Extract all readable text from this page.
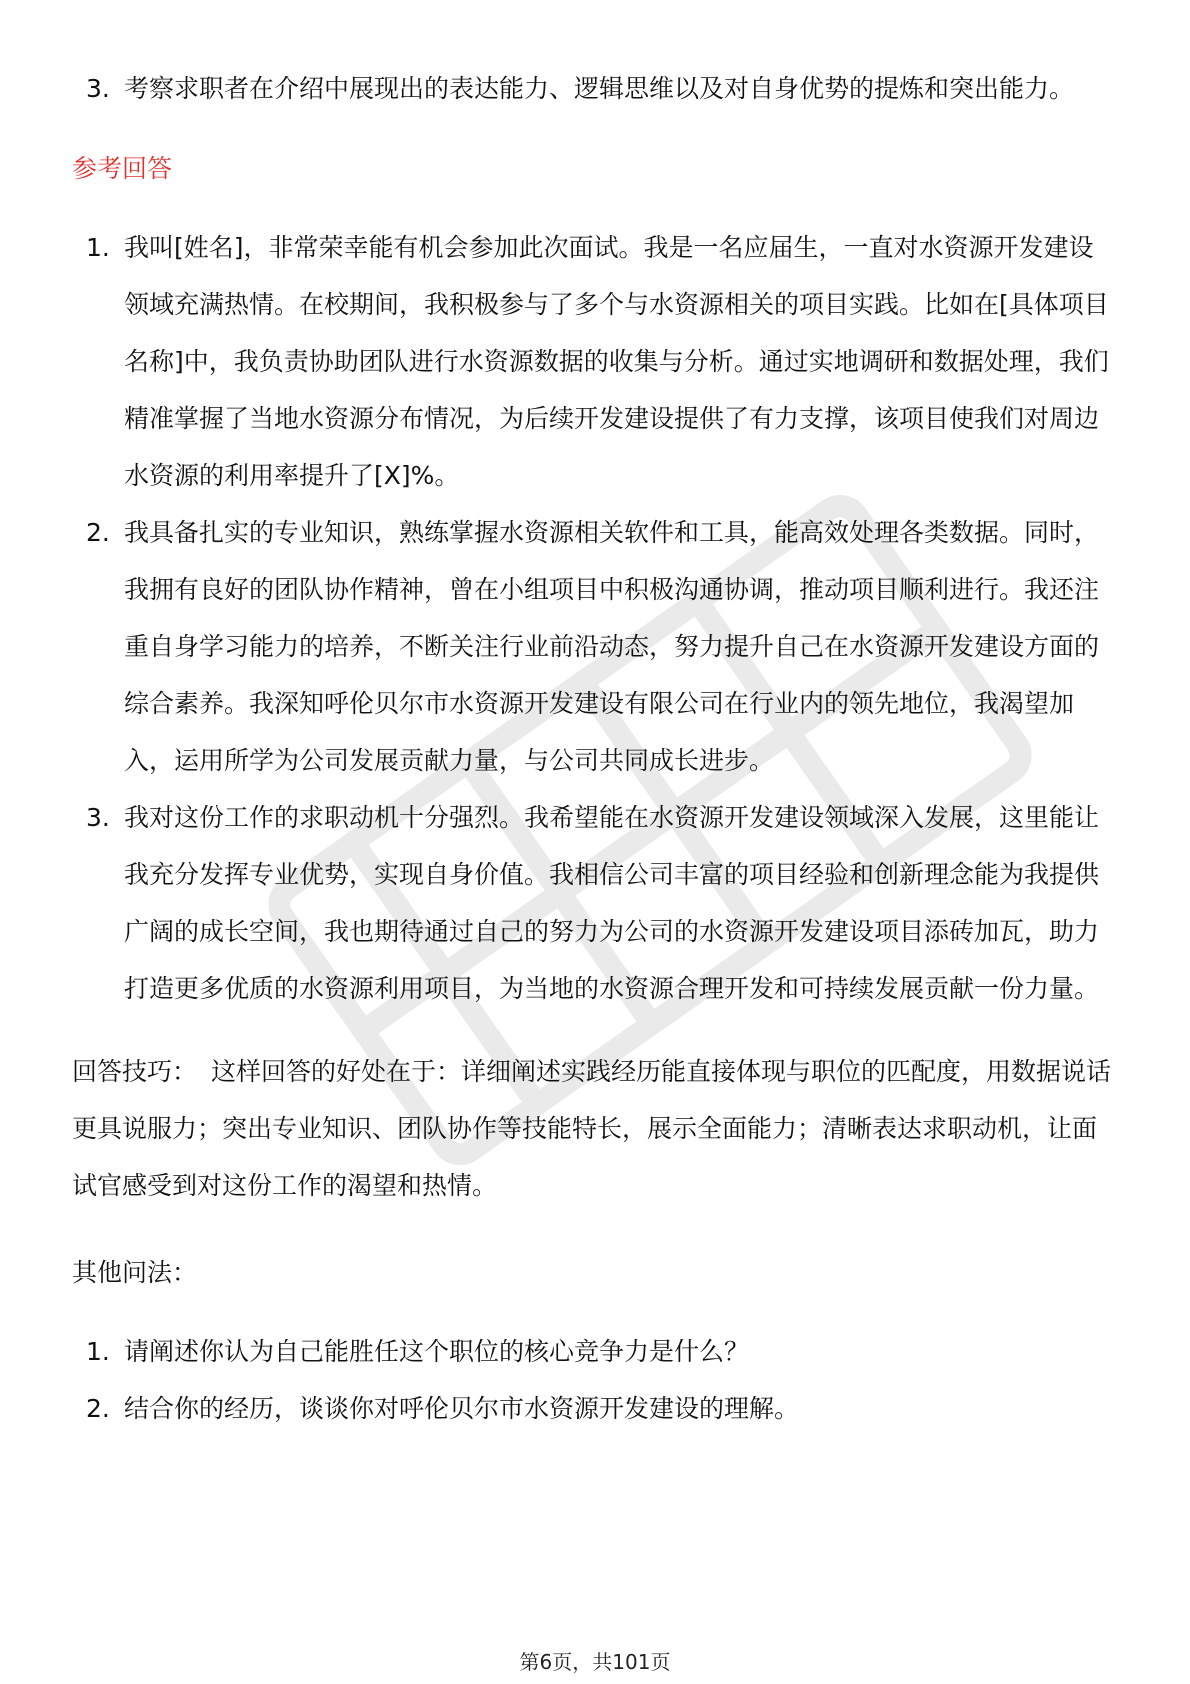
3. 考察求职者在介绍中展现出的表达能力、逻辑思维以及对自身优势的提炼和突出能力。
参考回答
1. 我叫[姓名]，非常荣幸能有机会参加此次面试。我是一名应届生，一直对水资源开发建设领域充满热情。在校期间，我积极参与了多个与水资源相关的项目实践。比如在[具体项目名称]中，我负责协助团队进行水资源数据的收集与分析。通过实地调研和数据处理，我们精准掌握了当地水资源分布情况，为后续开发建设提供了有力支撑，该项目使我们对周边水资源的利用率提升了[X]%。
2. 我具备扎实的专业知识，熟练掌握水资源相关软件和工具，能高效处理各类数据。同时，我拥有良好的团队协作精神，曾在小组项目中积极沟通协调，推动项目顺利进行。我还注重自身学习能力的培养，不断关注行业前沿动态，努力提升自己在水资源开发建设方面的综合素养。我深知呼伦贝尔市水资源开发建设有限公司在行业内的领先地位，我渴望加入，运用所学为公司发展贡献力量，与公司共同成长进步。
3. 我对这份工作的求职动机十分强烈。我希望能在水资源开发建设领域深入发展，这里能让我充分发挥专业优势，实现自身价值。我相信公司丰富的项目经验和创新理念能为我提供广阔的成长空间，我也期待通过自己的努力为公司的水资源开发建设项目添砖加瓦，助力打造更多优质的水资源利用项目，为当地的水资源合理开发和可持续发展贡献一份力量。
回答技巧： 这样回答的好处在于：详细阐述实践经历能直接体现与职位的匹配度，用数据说话更具说服力；突出专业知识、团队协作等技能特长，展示全面能力；清晰表达求职动机，让面试官感受到对这份工作的渴望和热情。
其他问法：
1. 请阐述你认为自己能胜任这个职位的核心竞争力是什么？
2. 结合你的经历，谈谈你对呼伦贝尔市水资源开发建设的理解。
第6页，共101页
